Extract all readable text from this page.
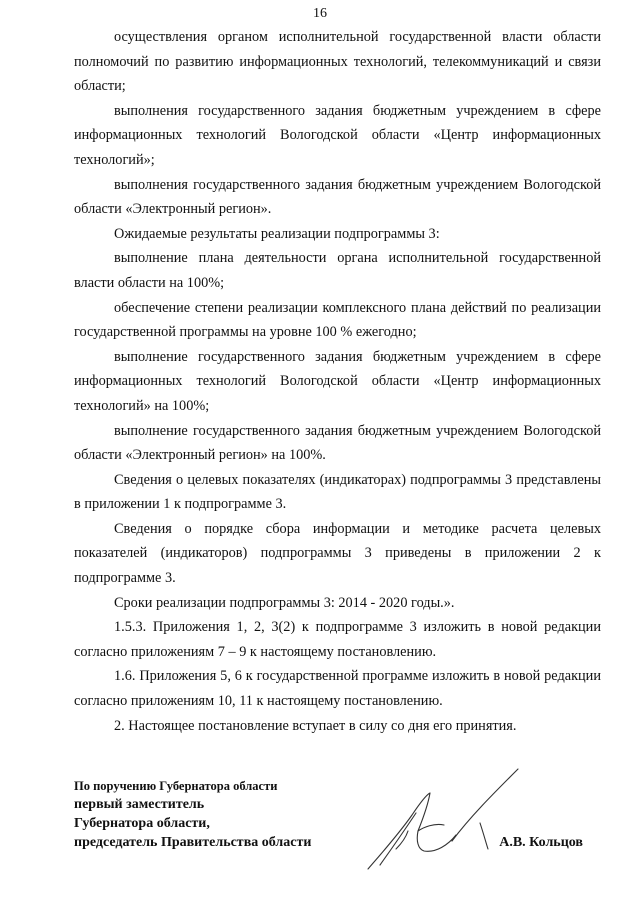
16

осуществления органом исполнительной государственной власти области полномочий по развитию информационных технологий, телекоммуникаций и связи области;

выполнения государственного задания бюджетным учреждением в сфере информационных технологий Вологодской области «Центр информационных технологий»;

выполнения государственного задания бюджетным учреждением Вологодской области «Электронный регион».

Ожидаемые результаты реализации подпрограммы 3:

выполнение плана деятельности органа исполнительной государственной власти области на 100%;

обеспечение степени реализации комплексного плана действий по реализации государственной программы на уровне 100 % ежегодно;

выполнение государственного задания бюджетным учреждением в сфере информационных технологий Вологодской области «Центр информационных технологий» на 100%;

выполнение государственного задания бюджетным учреждением Вологодской области «Электронный регион» на 100%.

Сведения о целевых показателях (индикаторах) подпрограммы 3 представлены в приложении 1 к подпрограмме 3.

Сведения о порядке сбора информации и методике расчета целевых показателей (индикаторов) подпрограммы 3 приведены в приложении 2 к подпрограмме 3.

Сроки реализации подпрограммы 3: 2014 - 2020 годы.».

1.5.3. Приложения 1, 2, 3(2) к подпрограмме 3 изложить в новой редакции согласно приложениям 7 – 9 к настоящему постановлению.

1.6. Приложения 5, 6 к государственной программе изложить в новой редакции согласно приложениям 10, 11 к настоящему постановлению.

2. Настоящее постановление вступает в силу со дня его принятия.

По поручению Губернатора области
первый заместитель
Губернатора области,
председатель Правительства области	А.В. Кольцов
